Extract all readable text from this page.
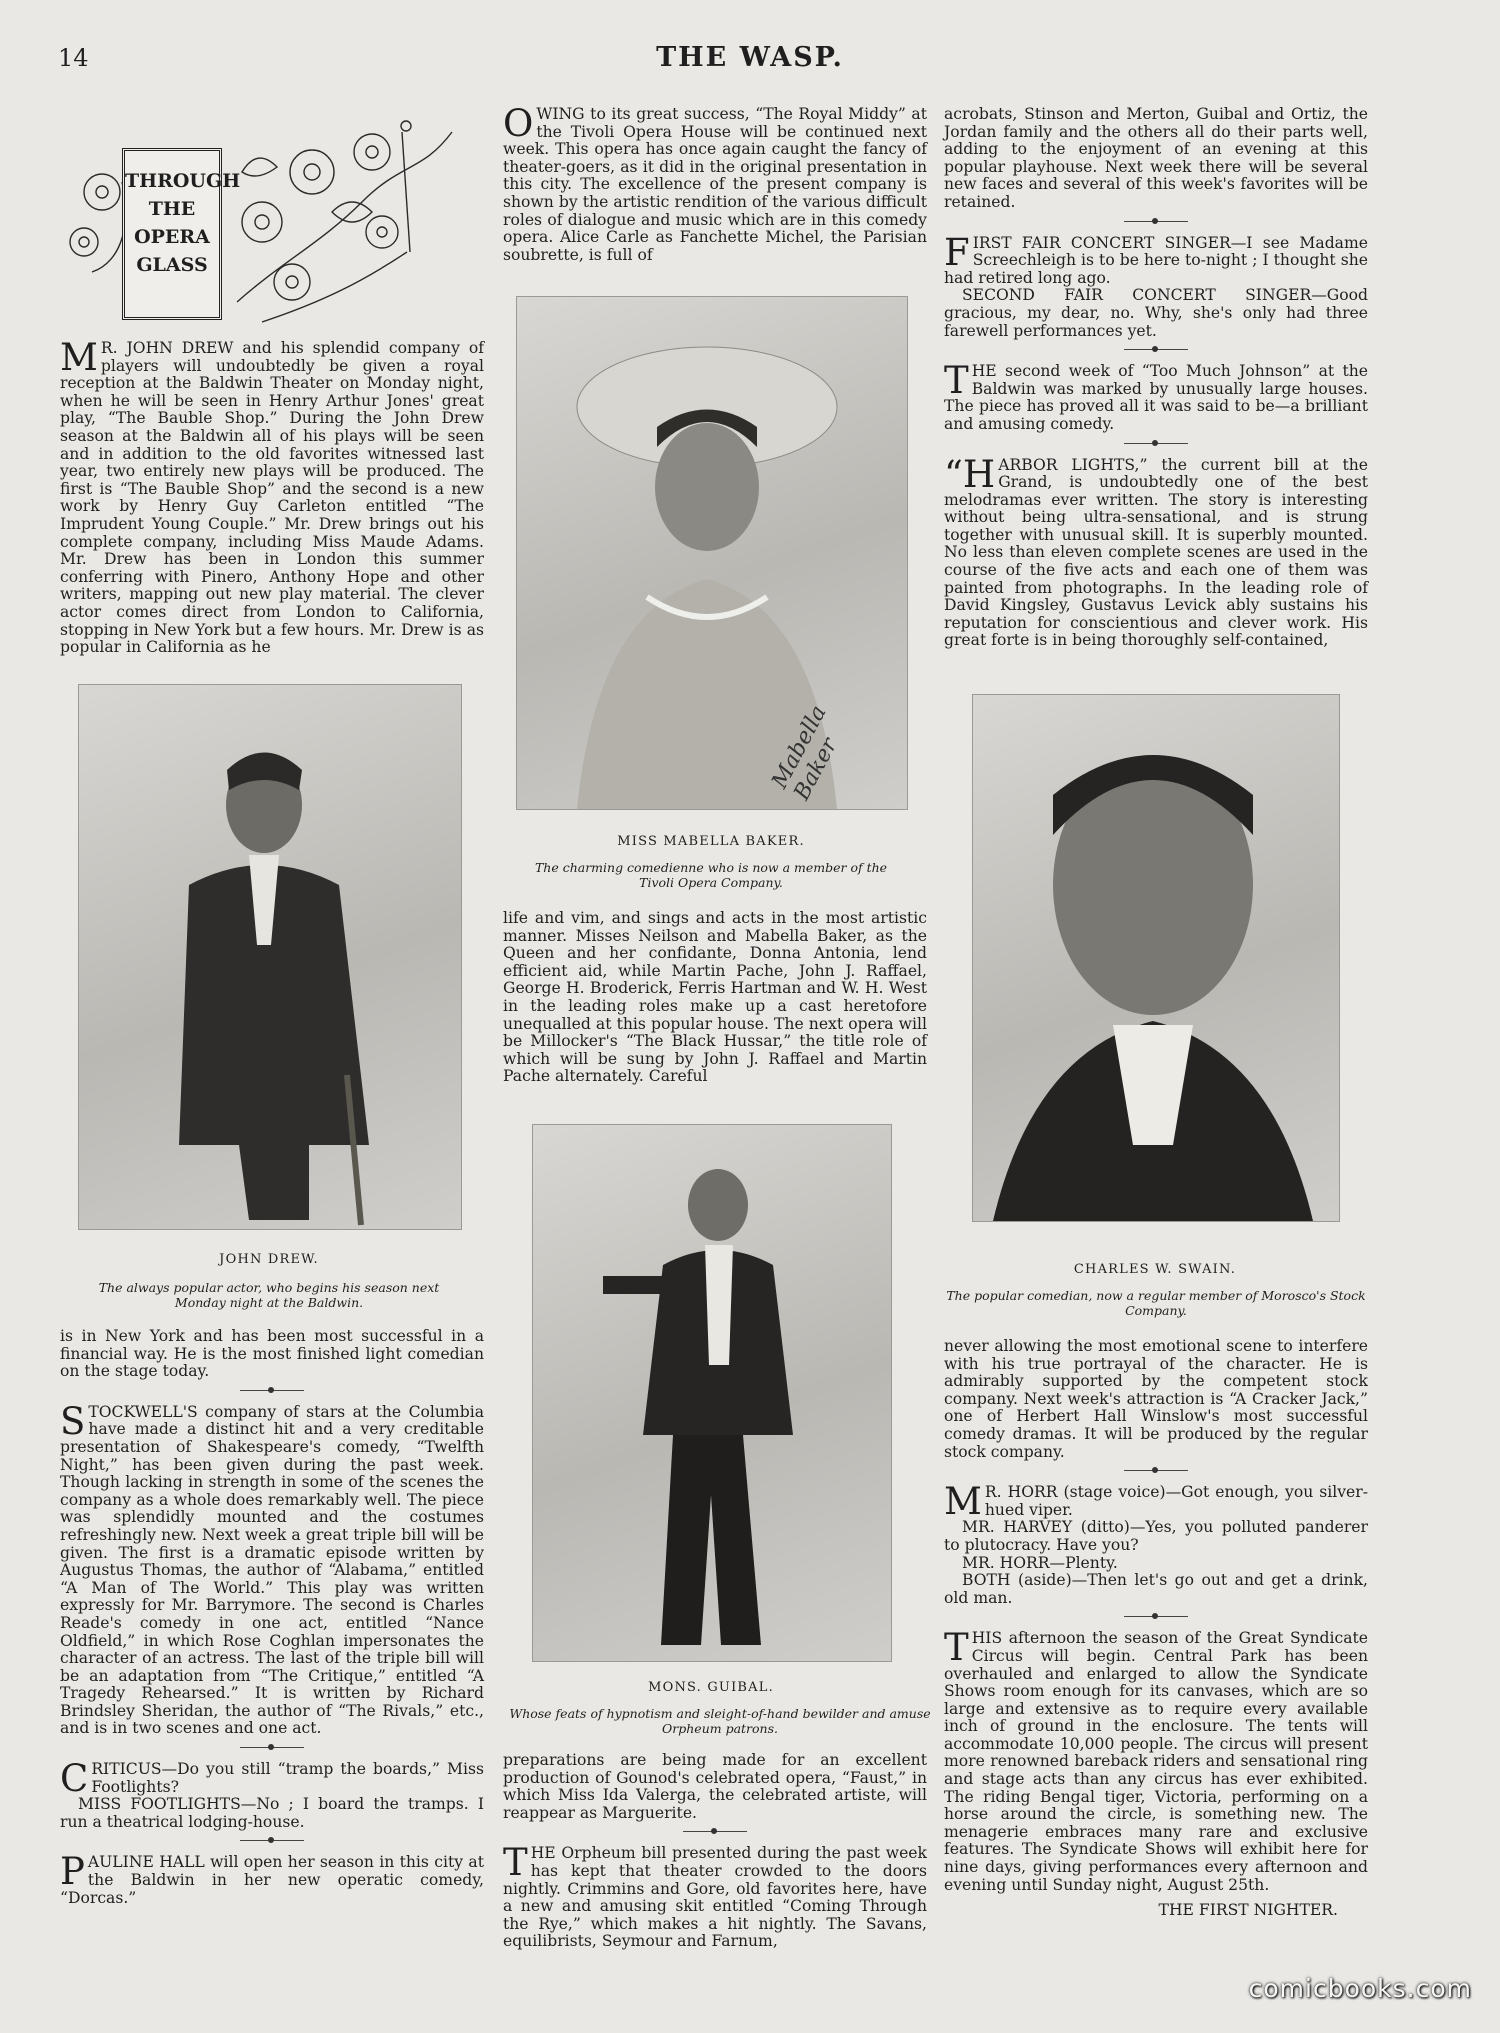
14	THE WASP.
THROUGH
THE
OPERA
GLASS

M R. JOHN DREW and his splendid company of players will undoubtedly be given a royal reception at the Baldwin Theater on Monday night, when he will be seen in Henry Arthur Jones' great play, “The Bauble Shop.” During the John Drew season at the Baldwin all of his plays will be seen and in addition to the old favorites witnessed last year, two entirely new plays will be produced. The first is “The Bauble Shop” and the second is a new work by Henry Guy Carleton entitled “The Imprudent Young Couple.” Mr. Drew brings out his complete company, including Miss Maude Adams. Mr. Drew has been in London this summer conferring with Pinero, Anthony Hope and other writers, mapping out new play material. The clever actor comes direct from London to California, stopping in New York but a few hours. Mr. Drew is as popular in California as he

JOHN DREW.
The always popular actor, who begins his season next Monday night at the Baldwin.

is in New York and has been most successful in a financial way. He is the most finished light comedian on the stage today.

STOCKWELL'S company of stars at the Columbia have made a distinct hit and a very creditable presentation of Shakespeare's comedy, “Twelfth Night,” has been given during the past week. Though lacking in strength in some of the scenes the company as a whole does remarkably well. The piece was splendidly mounted and the costumes refreshingly new. Next week a great triple bill will be given. The first is a dramatic episode written by Augustus Thomas, the author of “Alabama,” entitled “A Man of The World.” This play was written expressly for Mr. Barrymore. The second is Charles Reade's comedy in one act, entitled “Nance Oldfield,” in which Rose Coghlan impersonates the character of an actress. The last of the triple bill will be an adaptation from “The Critique,” entitled “A Tragedy Rehearsed.” It is written by Richard Brindsley Sheridan, the author of “The Rivals,” etc., and is in two scenes and one act.

CRITICUS—Do you still “tramp the boards,” Miss Footlights?

MISS FOOTLIGHTS—No ; I board the tramps. I run a theatrical lodging-house.

PAULINE HALL will open her season in this city at the Baldwin in her new operatic comedy, “Dorcas.”

OWING to its great success, “The Royal Middy” at the Tivoli Opera House will be continued next week. This opera has once again caught the fancy of theater-goers, as it did in the original presentation in this city. The excellence of the present company is shown by the artistic rendition of the various difficult roles of dialogue and music which are in this comedy opera. Alice Carle as Fanchette Michel, the Parisian soubrette, is full of

Mabella Baker
MISS MABELLA BAKER.
The charming comedienne who is now a member of the Tivoli Opera Company.

life and vim, and sings and acts in the most artistic manner. Misses Neilson and Mabella Baker, as the Queen and her confidante, Donna Antonia, lend efficient aid, while Martin Pache, John J. Raffael, George H. Broderick, Ferris Hartman and W. H. West in the leading roles make up a cast heretofore unequalled at this popular house. The next opera will be Millocker's “The Black Hussar,” the title role of which will be sung by John J. Raffael and Martin Pache alternately. Careful

MONS. GUIBAL.
Whose feats of hypnotism and sleight-of-hand bewilder and amuse Orpheum patrons.

preparations are being made for an excellent production of Gounod's celebrated opera, “Faust,” in which Miss Ida Valerga, the celebrated artiste, will reappear as Marguerite.

THE Orpheum bill presented during the past week has kept that theater crowded to the doors nightly. Crimmins and Gore, old favorites here, have a new and amusing skit entitled “Coming Through the Rye,” which makes a hit nightly. The Savans, equilibrists, Seymour and Farnum,

acrobats, Stinson and Merton, Guibal and Ortiz, the Jordan family and the others all do their parts well, adding to the enjoyment of an evening at this popular playhouse. Next week there will be several new faces and several of this week's favorites will be retained.

FIRST FAIR CONCERT SINGER—I see Madame Screechleigh is to be here to-night ; I thought she had retired long ago.

SECOND FAIR CONCERT SINGER—Good gracious, my dear, no. Why, she's only had three farewell performances yet.

THE second week of “Too Much Johnson” at the Baldwin was marked by unusually large houses. The piece has proved all it was said to be—a brilliant and amusing comedy.

“HARBOR LIGHTS,” the current bill at the Grand, is undoubtedly one of the best melodramas ever written. The story is interesting without being ultra-sensational, and is strung together with unusual skill. It is superbly mounted. No less than eleven complete scenes are used in the course of the five acts and each one of them was painted from photographs. In the leading role of David Kingsley, Gustavus Levick ably sustains his reputation for conscientious and clever work. His great forte is in being thoroughly self-contained,

CHARLES W. SWAIN.
The popular comedian, now a regular member of Morosco's Stock Company.

never allowing the most emotional scene to interfere with his true portrayal of the character. He is admirably supported by the competent stock company. Next week's attraction is “A Cracker Jack,” one of Herbert Hall Winslow's most successful comedy dramas. It will be produced by the regular stock company.

M R. HORR (stage voice)—Got enough, you silver-hued viper.

MR. HARVEY (ditto)—Yes, you polluted panderer to plutocracy. Have you?

MR. HORR—Plenty.

BOTH (aside)—Then let's go out and get a drink, old man.

THIS afternoon the season of the Great Syndicate Circus will begin. Central Park has been overhauled and enlarged to allow the Syndicate Shows room enough for its canvases, which are so large and extensive as to require every available inch of ground in the enclosure. The tents will accommodate 10,000 people. The circus will present more renowned bareback riders and sensational ring and stage acts than any circus has ever exhibited. The riding Bengal tiger, Victoria, performing on a horse around the circle, is something new. The menagerie embraces many rare and exclusive features. The Syndicate Shows will exhibit here for nine days, giving performances every afternoon and evening until Sunday night, August 25th.

THE FIRST NIGHTER.

comicbooks.com
